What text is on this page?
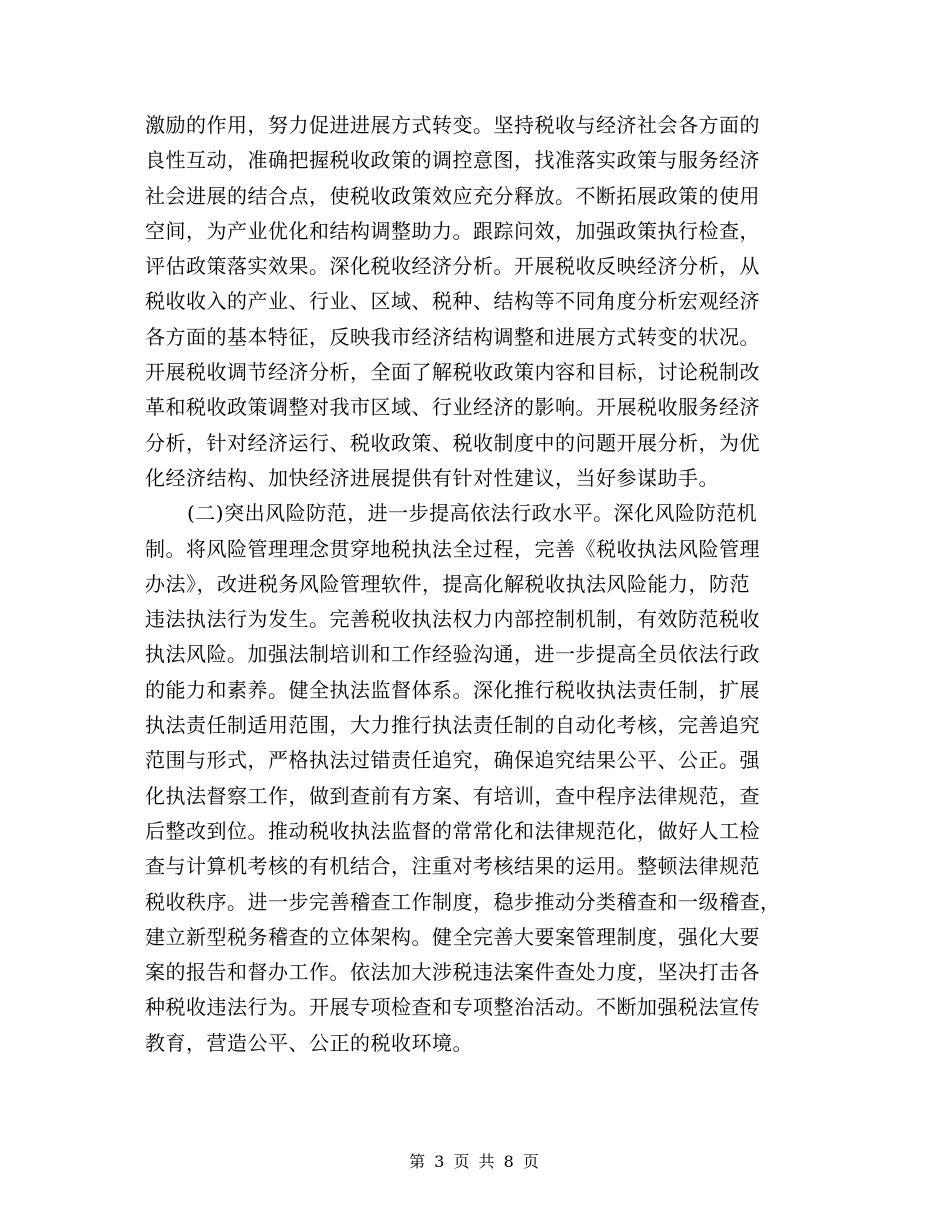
激励的作用，努力促进进展方式转变。坚持税收与经济社会各方面的
良性互动，准确把握税收政策的调控意图，找准落实政策与服务经济
社会进展的结合点，使税收政策效应充分释放。不断拓展政策的使用
空间，为产业优化和结构调整助力。跟踪问效，加强政策执行检查，
评估政策落实效果。深化税收经济分析。开展税收反映经济分析，从
税收收入的产业、行业、区域、税种、结构等不同角度分析宏观经济
各方面的基本特征，反映我市经济结构调整和进展方式转变的状况。
开展税收调节经济分析，全面了解税收政策内容和目标，讨论税制改
革和税收政策调整对我市区域、行业经济的影响。开展税收服务经济
分析，针对经济运行、税收政策、税收制度中的问题开展分析，为优
化经济结构、加快经济进展提供有针对性建议，当好参谋助手。
(二)突出风险防范，进一步提高依法行政水平。深化风险防范机
制。将风险管理理念贯穿地税执法全过程，完善《税收执法风险管理
办法》，改进税务风险管理软件，提高化解税收执法风险能力，防范
违法执法行为发生。完善税收执法权力内部控制机制，有效防范税收
执法风险。加强法制培训和工作经验沟通，进一步提高全员依法行政
的能力和素养。健全执法监督体系。深化推行税收执法责任制，扩展
执法责任制适用范围，大力推行执法责任制的自动化考核，完善追究
范围与形式，严格执法过错责任追究，确保追究结果公平、公正。强
化执法督察工作，做到查前有方案、有培训，查中程序法律规范，查
后整改到位。推动税收执法监督的常常化和法律规范化，做好人工检
查与计算机考核的有机结合，注重对考核结果的运用。整顿法律规范
税收秩序。进一步完善稽查工作制度，稳步推动分类稽查和一级稽查，
建立新型税务稽查的立体架构。健全完善大要案管理制度，强化大要
案的报告和督办工作。依法加大涉税违法案件查处力度，坚决打击各
种税收违法行为。开展专项检查和专项整治活动。不断加强税法宣传
教育，营造公平、公正的税收环境。
第 3 页 共 8 页
